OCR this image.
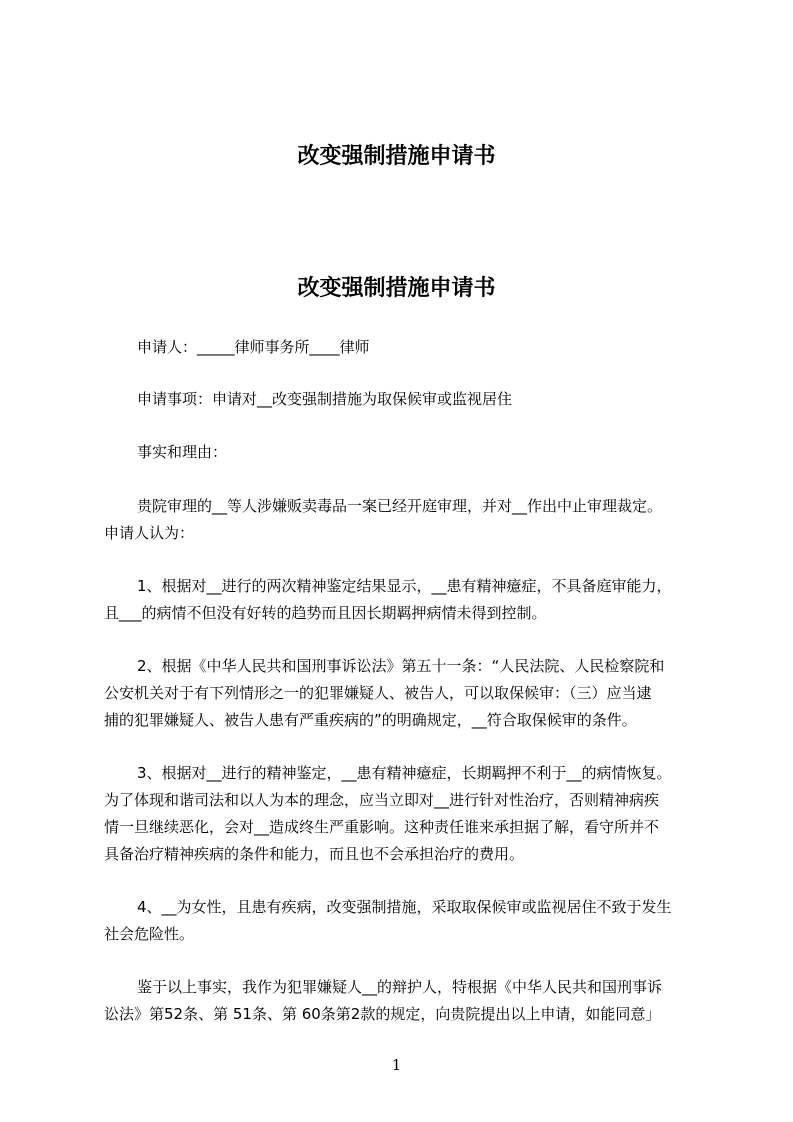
改变强制措施申请书
改变强制措施申请书
申请人：_____律师事务所____律师
申请事项：申请对__改变强制措施为取保候审或监视居住
事实和理由：
贵院审理的__等人涉嫌贩卖毒品一案已经开庭审理，并对__作出中止审理裁定。
申请人认为：
1、根据对__进行的两次精神鉴定结果显示，__患有精神癔症，不具备庭审能力，
且___的病情不但没有好转的趋势而且因长期羁押病情未得到控制。
2、根据《中华人民共和国刑事诉讼法》第五十一条：“人民法院、人民检察院和
公安机关对于有下列情形之一的犯罪嫌疑人、被告人，可以取保候审：（三）应当逮
捕的犯罪嫌疑人、被告人患有严重疾病的”的明确规定，__符合取保候审的条件。
3、根据对__进行的精神鉴定，__患有精神癔症，长期羁押不利于__的病情恢复。
为了体现和谐司法和以人为本的理念，应当立即对__进行针对性治疗，否则精神病疾
情一旦继续恶化，会对__造成终生严重影响。这种责任谁来承担据了解，看守所并不
具备治疗精神疾病的条件和能力，而且也不会承担治疗的费用。
4、__为女性，且患有疾病，改变强制措施，采取取保候审或监视居住不致于发生
社会危险性。
鉴于以上事实，我作为犯罪嫌疑人__的辩护人，特根据《中华人民共和国刑事诉
讼法》第52条、第 51条、第 60条第2款的规定，向贵院提出以上申请，如能同意」
1
